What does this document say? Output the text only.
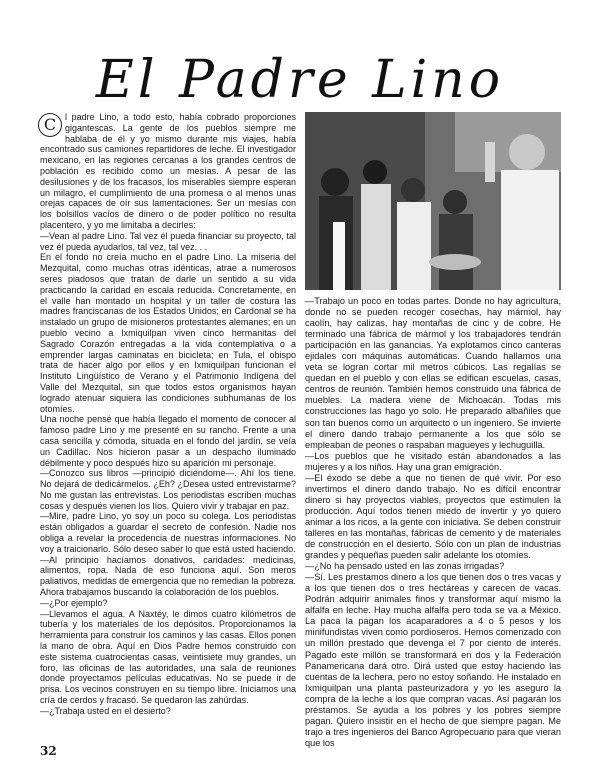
El Padre Lino
C l padre Lino, a todo esto, había cobrado proporciones gigantescas. La gente de los pueblos siempre me hablaba de él y yo mismo durante mis viajes, había encontrado sus camiones repartidores de leche. El investigador mexicano, en las regiones cercanas a los grandes centros de población es recibido como un mesías. A pesar de las desilusiones y de los fracasos, los miserables siempre esperan un milagro, el cumplimiento de una promesa o al menos unas orejas capaces de oír sus lamentaciones. Ser un mesías con los bolsillos vacíos de dinero o de poder político no resulta placentero, y yo me limitaba a decirles:

—Vean al padre Lino. Tal vez él pueda financiar su proyecto, tal vez él pueda ayudarlos, tal vez, tal vez. . .

En el fondo no creía mucho en el padre Lino. La miseria del Mezquital, como muchas otras idénticas, atrae a numerosos seres piadosos que tratan de darle un sentido a su vida practicando la caridad en escala reducida. Concretamente, en el valle han montado un hospital y un taller de costura las madres franciscanas de los Estados Unidos; en Cardonal se ha instalado un grupo de misioneros protestantes alemanes; en un pueblo vecino a Ixmiquilpan viven cinco hermanitas del Sagrado Corazón entregadas a la vida contemplativa o a emprender largas caminatas en bicicleta; en Tula, el obispo trata de hacer algo por ellos y en Ixmiquilpan funcionan el Instituto Lingüístico de Verano y el Patrimonio Indígena del Valle del Mezquital, sin que todos estos organismos hayan logrado atenuar siquiera las condiciones subhumanas de los otomíes.

Una noche pensé que había llegado el momento de conocer al famoso padre Lino y me presenté en su rancho. Frente a una casa sencilla y cómoda, situada en el fondo del jardín, se veía un Cadillac. Nos hicieron pasar a un despacho iluminado débilmente y poco después hizo su aparición mi personaje.

—Conozco sus libros —principió diciéndome—. Ahí los tiene. No dejará de dedicármelos. ¿Eh? ¿Desea usted entrevistarme? No me gustan las entrevistas. Los periodistas escriben muchas cosas y después vienen los líos. Quiero vivir y trabajar en paz.

—Mire, padre Lino, yo soy un poco su colega. Los periodistas están obligados a guardar el secreto de confesión. Nadie nos obliga a revelar la procedencia de nuestras informaciones. No voy a traicionarlo. Sólo deseo saber lo que está usted haciendo.

—Al principio hacíamos donativos, caridades: medicinas, alimentos, ropa. Nada de eso funciona aquí. Son meros paliativos, medidas de emergencia que no remedian la pobreza. Ahora trabajamos buscando la colaboración de los pueblos.

—¿Por ejemplo?

—Llevamos el agua. A Naxtéy, le dimos cuatro kilómetros de tubería y los materiales de los depósitos. Proporcionamos la herramienta para construir los caminos y las casas. Ellos ponen la mano de obra. Aquí en Dios Padre hemos construido con este sistema cuatrocientas casas, veintisiete muy grandes, un foro, las oficinas de las autoridades, una sala de reuniones donde proyectamos películas educativas. No se puede ir de prisa. Los vecinos construyen en su tiempo libre. Iniciamos una cría de cerdos y fracasó. Se quedaron las zahúrdas.

—¿Trabaja usted en el desierto?

—Trabajo un poco en todas partes. Donde no hay agricultura, donde no se pueden recoger cosechas, hay mármol, hay caolín, hay calizas, hay montañas de cinc y de cobre. He terminado una fábrica de mármol y los trabajadores tendrán participación en las ganancias. Ya explotamos cinco canteras ejidales con máquinas automáticas. Cuando hallamos una veta se logran cortar mil metros cúbicos. Las regalías se quedan en el pueblo y con ellas se edifican escuelas, casas, centros de reunión. También hemos construido una fábrica de muebles. La madera viene de Michoacán. Todas mis construcciones las hago yo solo. He preparado albañiles que son tan buenos como un arquitecto o un ingeniero. Se invierte el dinero dando trabajo permanente a los que sólo se empleaban de peones o raspaban magueyes y lechuguilla.

—Los pueblos que he visitado están abandonados a las mujeres y a los niños. Hay una gran emigración.

—El éxodo se debe a que no tienen de qué vivir. Por eso invertimos el dinero dando trabajo. No es difícil encontrar dinero si hay proyectos viables, proyectos que estimulen la producción. Aquí todos tienen miedo de invertir y yo quiero animar a los ricos, a la gente con iniciativa. Se deben construir talleres en las montañas, fábricas de cemento y de materiales de construcción en el desierto. Sólo con un plan de industrias grandes y pequeñas pueden salir adelante los otomíes.

—¿No ha pensado usted en las zonas irrigadas?

—Sí. Les prestamos dinero a los que tienen dos o tres vacas y a los que tienen dos o tres hectáreas y carecen de vacas. Podrán adquirir animales finos y transformar aquí mismo la alfalfa en leche. Hay mucha alfalfa pero toda se va a México. La paca la pagan los acaparadores a 4 o 5 pesos y los minifundistas viven como pordioseros. Hemos comenzado con un millón prestado que devenga el 7 por ciento de interés. Pagado este millón se transformará en dos y la Federación Panamericana dará otro. Dirá usted que estoy haciendo las cuentas de la lechera, pero no estoy soñando. He instalado en Ixmiquilpan una planta pasteurizadora y yo les aseguro la compra de la leche a los que compran vacas. Así pagarán los préstamos. Se ayuda a los pobres y los pobres siempre pagan. Quiero insistir en el hecho de que siempre pagan. Me trajo a tres ingenieros del Banco Agropecuario para que vieran que los

32
